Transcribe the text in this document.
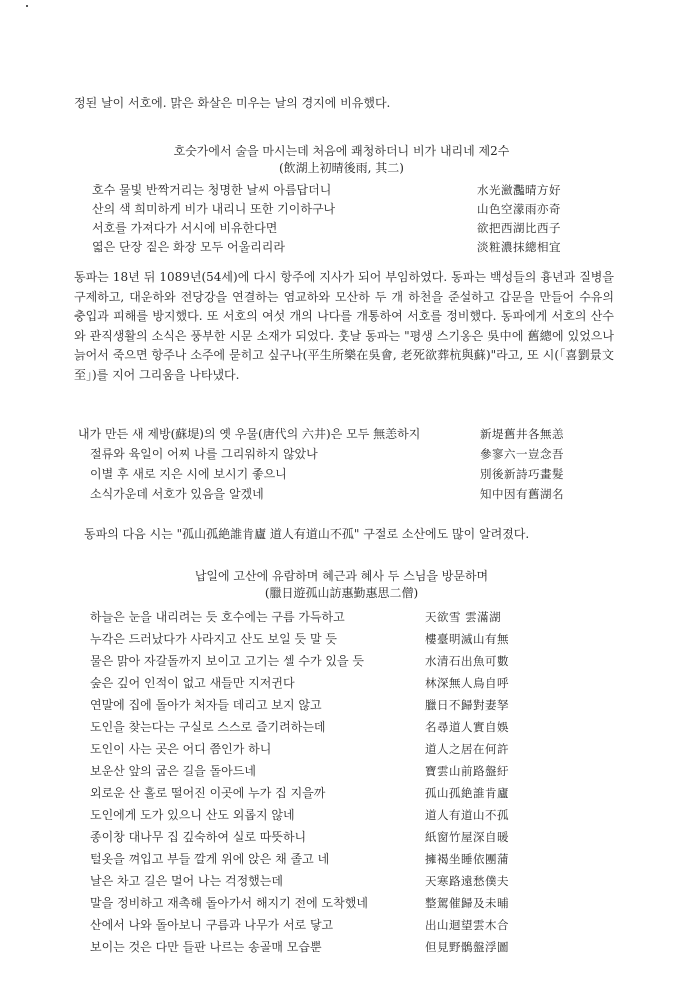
정된 날이 서호에. 맑은 화살은 미우는 날의 경지에 비유했다.
호숫가에서 술을 마시는데 처음에 쾌청하더니 비가 내리네 제2수
(飲湖上初晴後雨, 其二)
호수 물빛 반짝거리는 청명한 날씨 아름답더니	水光瀲灩晴方好
산의 색 희미하게 비가 내리니 또한 기이하구나	山色空濛雨亦奇
서호를 가져다가 서시에 비유한다면	欲把西湖比西子
엷은 단장 짙은 화장 모두 어울리리라	淡粧濃抹總相宜
동파는 18년 뒤 1089년(54세)에 다시 항주에 지사가 되어 부임하였다. 동파는 백성들의 흉년과 질병을 구제하고, 대운하와 전당강을 연결하는 염교하와 모산하 두 개 하천을 준설하고 갑문을 만들어 수유의 충입과 피해를 방지했다. 또 서호의 여섯 개의 나다를 개통하여 서호를 정비했다. 동파에게 서호의 산수와 관직생활의 소식은 풍부한 시문 소재가 되었다. 훗날 동파는 "평생 스기옹은 吳中에 舊總에 있었으나 늙어서 죽으면 항주나 소주에 묻히고 싶구나(平生所樂在吳會, 老死欲葬杭與蘇)"라고, 또 시(「喜劉景文至」)를 지어 그리움을 나타냈다.
내가 만든 새 제방(蘇堤)의 옛 우물(唐代의 六井)은 모두 無恙하지	新堤舊井各無恙
절류와 육일이 어찌 나를 그리워하지 않았나	參寥六一豈念吾
이별 후 새로 지은 시에 보시기 좋으니	別後新詩巧畫髮
소식가운데 서호가 있음을 알겠네	知中因有舊湖名
동파의 다음 시는 "孤山孤絶誰肯廬 道人有道山不孤" 구절로 소산에도 많이 알려졌다.
납일에 고산에 유람하며 혜근과 혜사 두 스님을 방문하며
(臘日遊孤山訪惠勤惠思二僧)
하늘은 눈을 내리려는 듯 호수에는 구름 가득하고	天欲雪 雲滿湖
누각은 드러났다가 사라지고 산도 보일 듯 말 듯	樓臺明滅山有無
물은 맑아 자갈돌까지 보이고 고기는 셀 수가 있을 듯	水清石出魚可數
숲은 깊어 인적이 없고 새들만 지저귄다	林深無人鳥自呼
연말에 집에 돌아가 처자들 데리고 보지 않고	臘日不歸對妻孥
도인을 찾는다는 구실로 스스로 즐기려하는데	名尋道人實自娛
도인이 사는 곳은 어디 쯤인가 하니	道人之居在何許
보운산 앞의 굽은 길을 돌아드네	寶雲山前路盤紆
외로운 산 홀로 떨어진 이곳에 누가 집 지을까	孤山孤絶誰肯廬
도인에게 도가 있으니 산도 외롭지 않네	道人有道山不孤
종이창 대나무 집 깊숙하여 실로 따뜻하니	紙窗竹屋深自暖
털옷을 껴입고 부들 깔게 위에 앉은 채 졸고 네	擁褐坐睡依團蒲
날은 차고 길은 멀어 나는 걱정했는데	天寒路遠愁僕夫
말을 정비하고 재촉해 돌아가서 해지기 전에 도착했네	整駕催歸及未晡
산에서 나와 돌아보니 구름과 나무가 서로 닿고	出山迴望雲木合
보이는 것은 다만 들판 나르는 송골매 모습뿐	但見野鶻盤浮圖
